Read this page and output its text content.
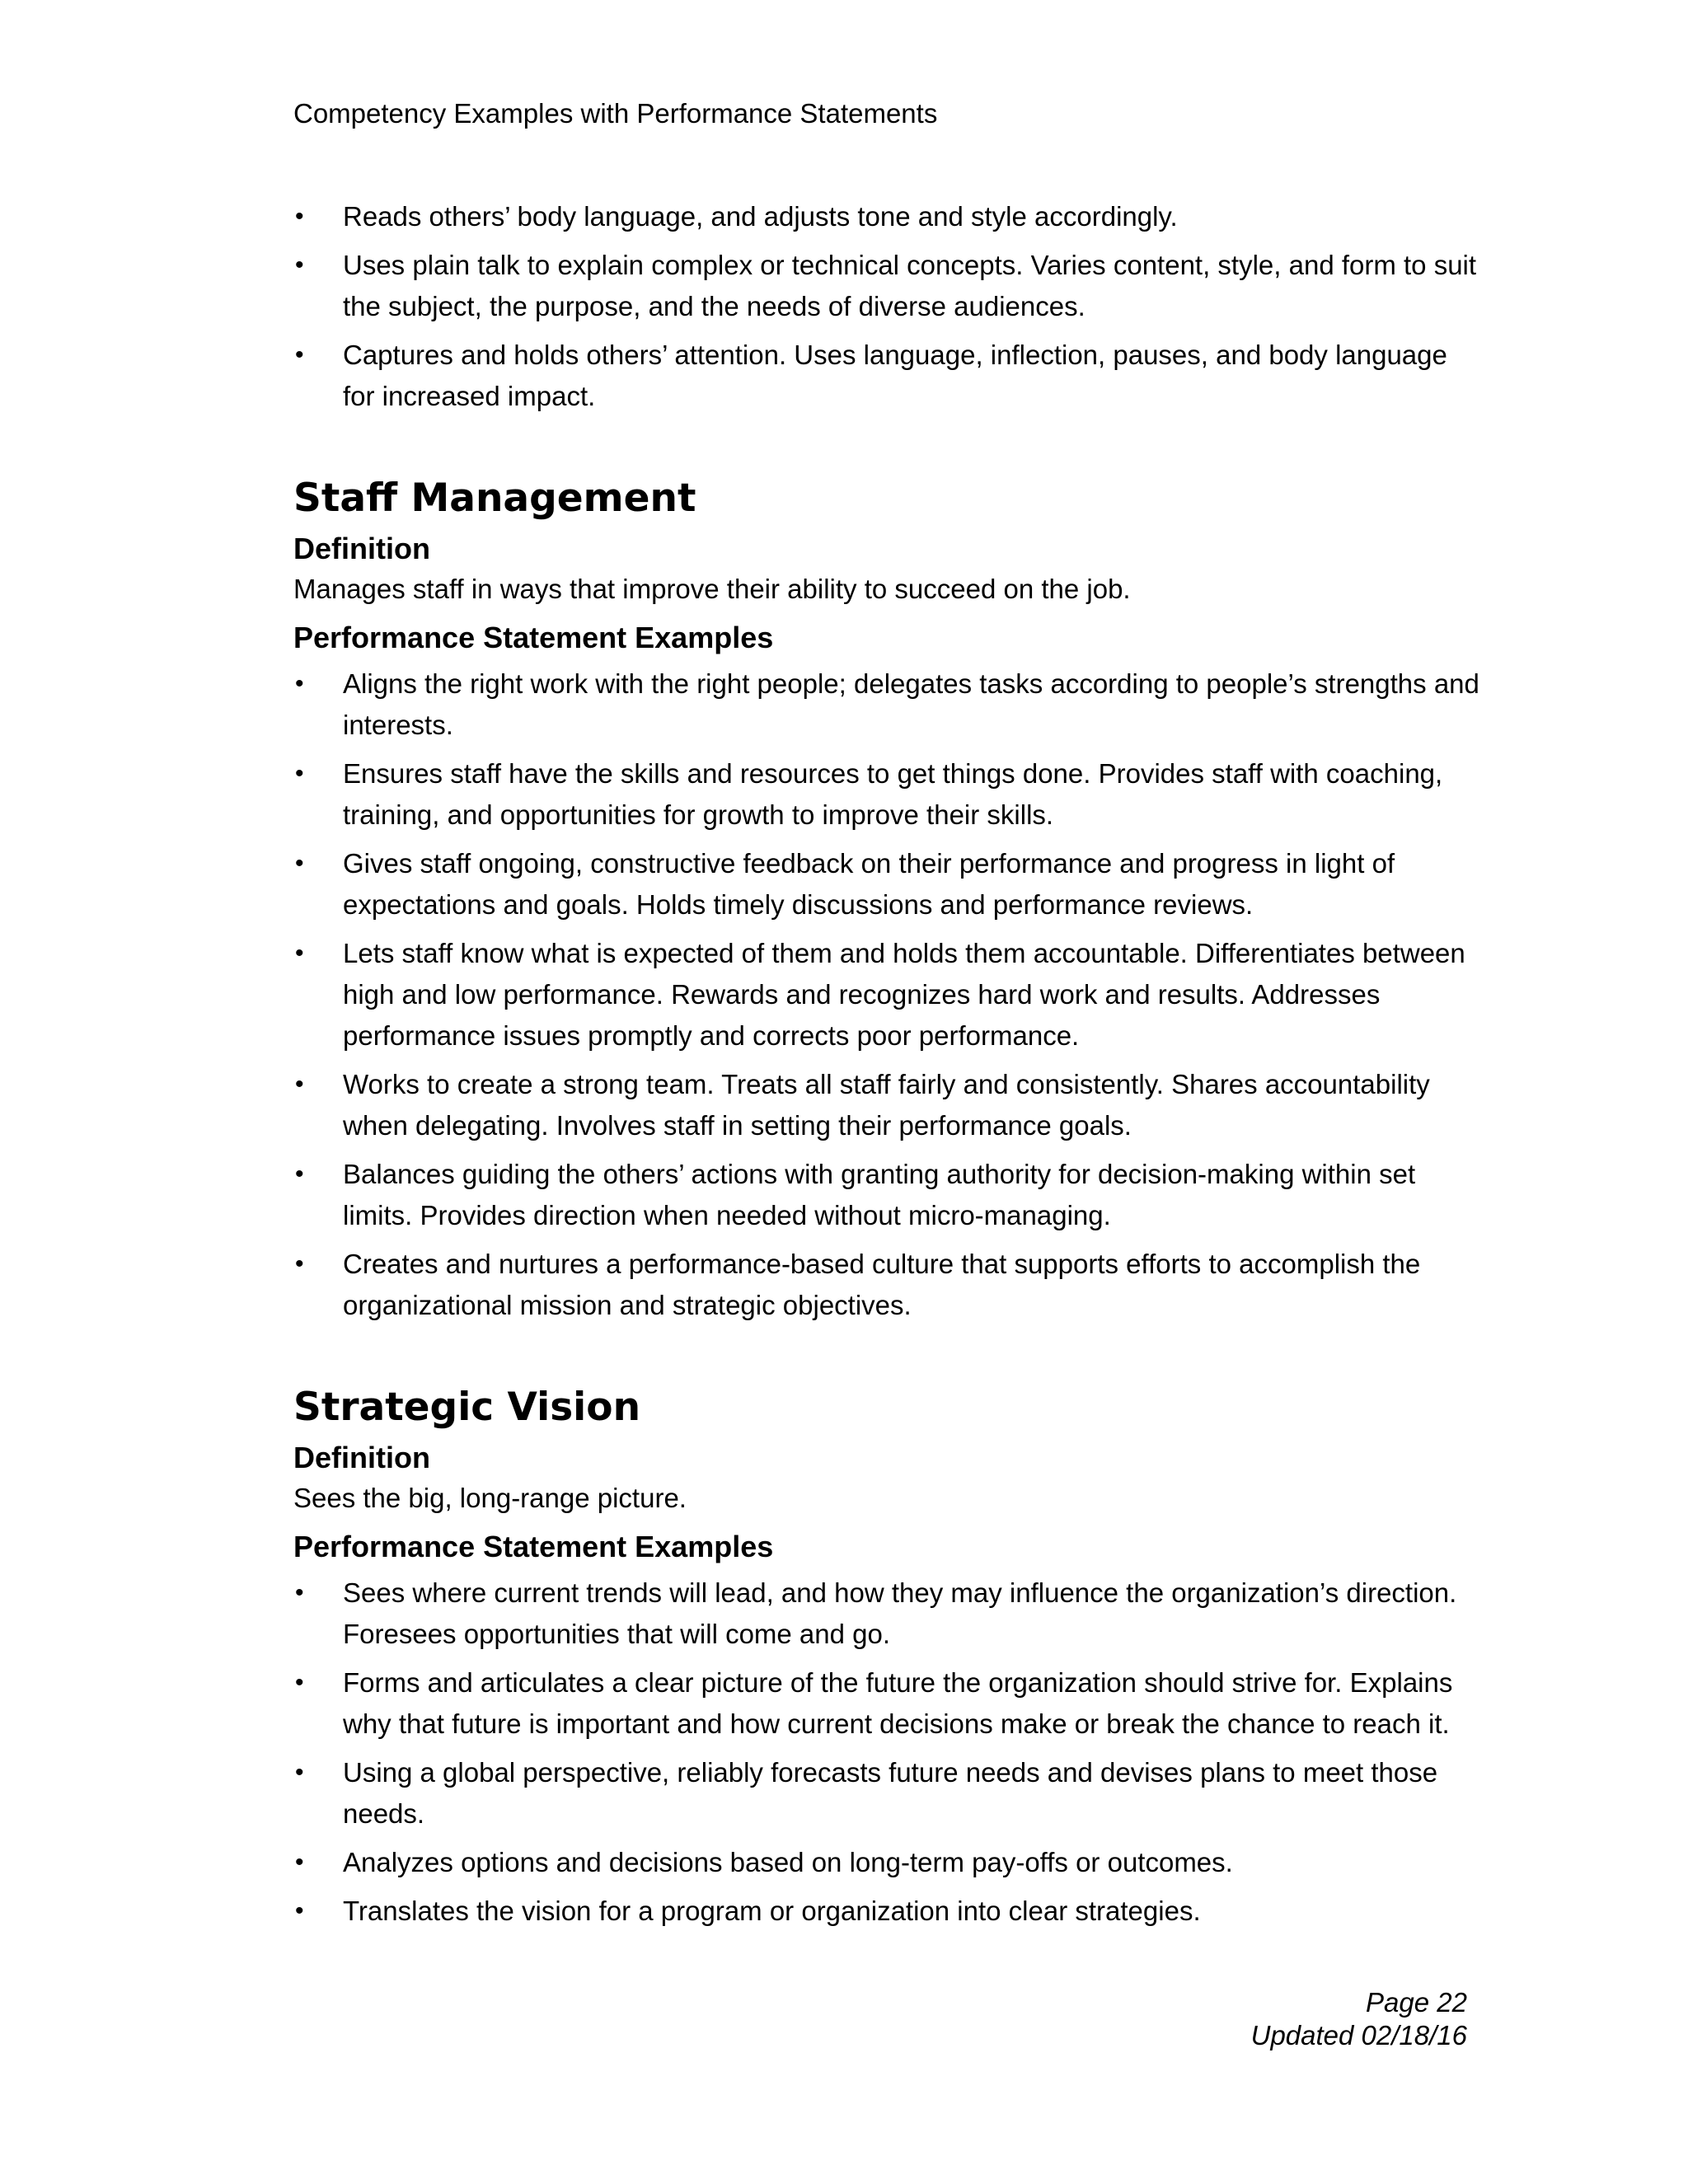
Competency Examples with Performance Statements
•	Reads others’ body language, and adjusts tone and style accordingly.
•	Uses plain talk to explain complex or technical concepts. Varies content, style, and form to suit the subject, the purpose, and the needs of diverse audiences.
•	Captures and holds others’ attention. Uses language, inflection, pauses, and body language for increased impact.
Staff Management
Definition

Manages staff in ways that improve their ability to succeed on the job.

Performance Statement Examples
•	Aligns the right work with the right people; delegates tasks according to people’s strengths and interests.
•	Ensures staff have the skills and resources to get things done. Provides staff with coaching, training, and opportunities for growth to improve their skills.
•	Gives staff ongoing, constructive feedback on their performance and progress in light of expectations and goals. Holds timely discussions and performance reviews.
•	Lets staff know what is expected of them and holds them accountable. Differentiates between high and low performance. Rewards and recognizes hard work and results. Addresses performance issues promptly and corrects poor performance.
•	Works to create a strong team. Treats all staff fairly and consistently. Shares accountability when delegating. Involves staff in setting their performance goals.
•	Balances guiding the others’ actions with granting authority for decision-making within set limits. Provides direction when needed without micro-managing.
•	Creates and nurtures a performance-based culture that supports efforts to accomplish the organizational mission and strategic objectives.
Strategic Vision
Definition

Sees the big, long-range picture.

Performance Statement Examples
•	Sees where current trends will lead, and how they may influence the organization’s direction. Foresees opportunities that will come and go.
•	Forms and articulates a clear picture of the future the organization should strive for. Explains why that future is important and how current decisions make or break the chance to reach it.
•	Using a global perspective, reliably forecasts future needs and devises plans to meet those needs.
•	Analyzes options and decisions based on long-term pay-offs or outcomes.
•	Translates the vision for a program or organization into clear strategies.
Page 22
Updated 02/18/16
